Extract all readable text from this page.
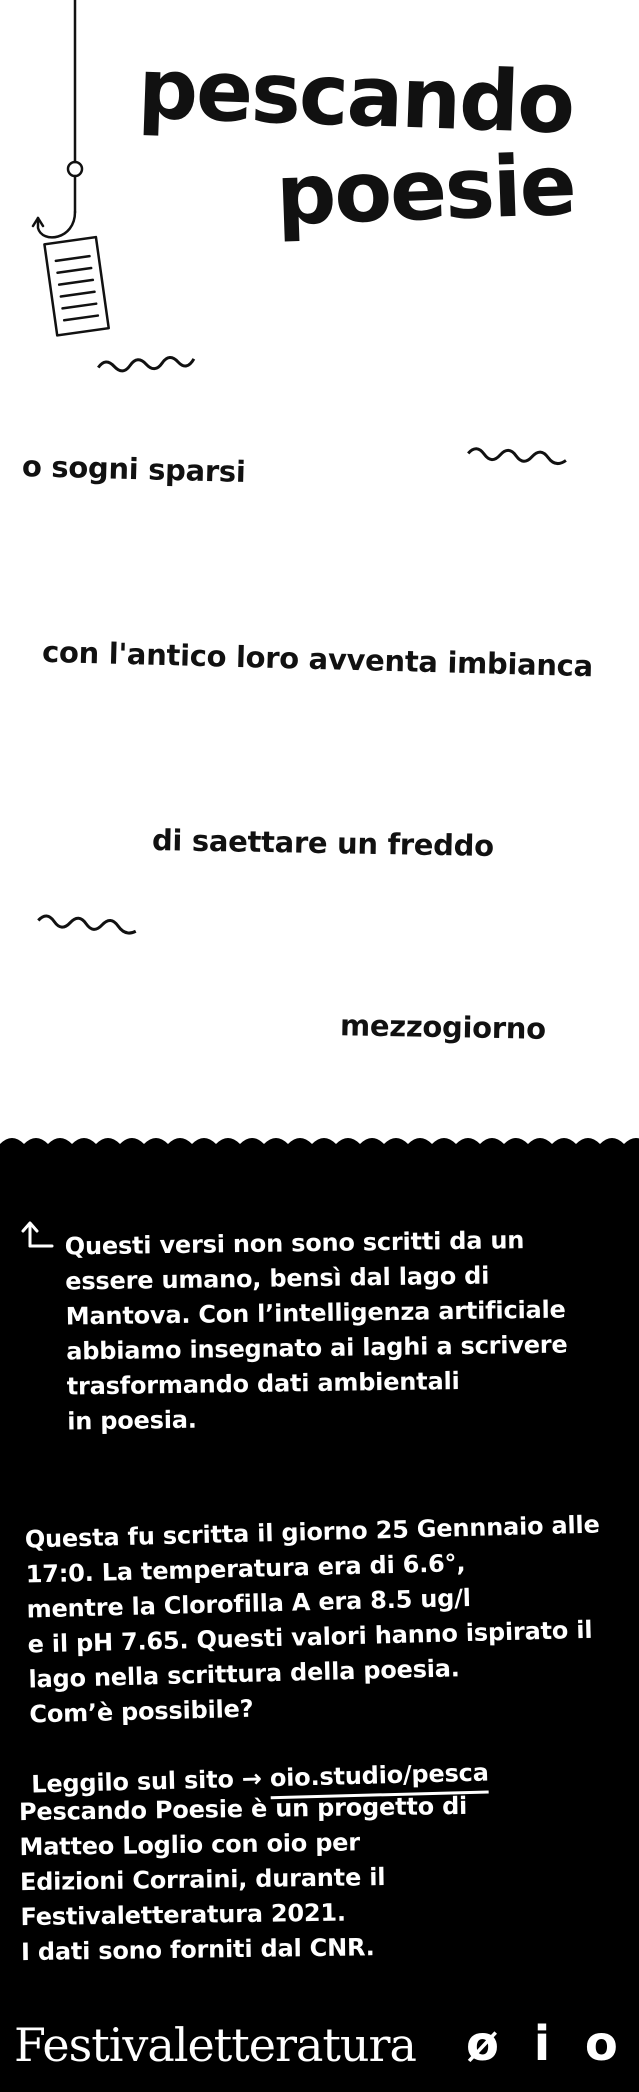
pescando
poesie
o sogni sparsi
con l'antico loro avventa imbianca
di saettare un freddo
mezzogiorno
Questi versi non sono scritti da un
essere umano, bensì dal lago di
Mantova. Con l’intelligenza artificiale
abbiamo insegnato ai laghi a scrivere
trasformando dati ambientali
in poesia.

Questa fu scritta il giorno 25 Gennnaio alle
17:0. La temperatura era di 6.6°,
mentre la Clorofilla A era 8.5 ug/l
e il pH 7.65. Questi valori hanno ispirato il
lago nella scrittura della poesia.
Com’è possibile?

Leggilo sul sito → oio.studio/pesca

Pescando Poesie è un progetto di
Matteo Loglio con oio per
Edizioni Corraini, durante il
Festivaletteratura 2021.
I dati sono forniti dal CNR.
Festivaletteratura ø i o
